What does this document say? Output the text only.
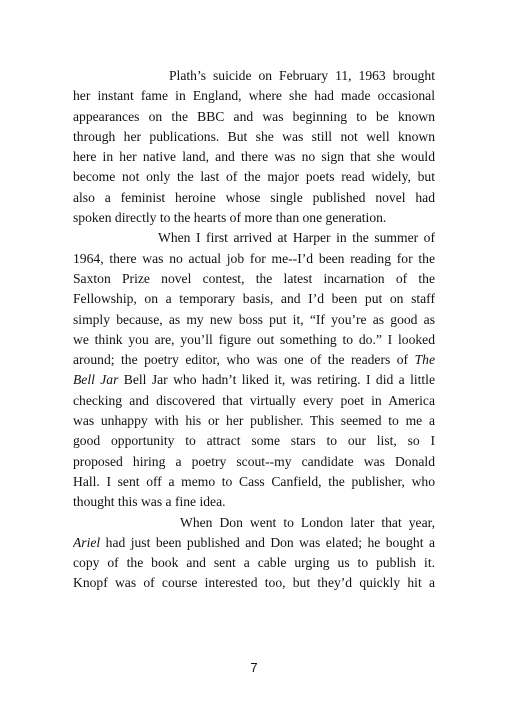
Plath’s suicide on February 11, 1963 brought
her instant fame in England, where she had made occasional
appearances on the BBC and was beginning to be known
through her publications. But she was still not well known
here in her native land, and there was no sign that she would
become not only the last of the major poets read widely, but
also a feminist heroine whose single published novel had
spoken directly to the hearts of more than one generation.
When I first arrived at Harper in the summer of
1964, there was no actual job for me--I’d been reading for the
Saxton Prize novel contest, the latest incarnation of the
Fellowship, on a temporary basis, and I’d been put on staff
simply because, as my new boss put it, “If you’re as good as
we think you are, you’ll figure out something to do.” I looked
around; the poetry editor, who was one of the readers of The
Bell Jar Bell Jar who hadn’t liked it, was retiring. I did a little
checking and discovered that virtually every poet in America
was unhappy with his or her publisher. This seemed to me a
good opportunity to attract some stars to our list, so I
proposed hiring a poetry scout--my candidate was Donald
Hall. I sent off a memo to Cass Canfield, the publisher, who
thought this was a fine idea.
When Don went to London later that year,
Ariel had just been published and Don was elated; he bought a
copy of the book and sent a cable urging us to publish it.
Knopf was of course interested too, but they’d quickly hit a
7
